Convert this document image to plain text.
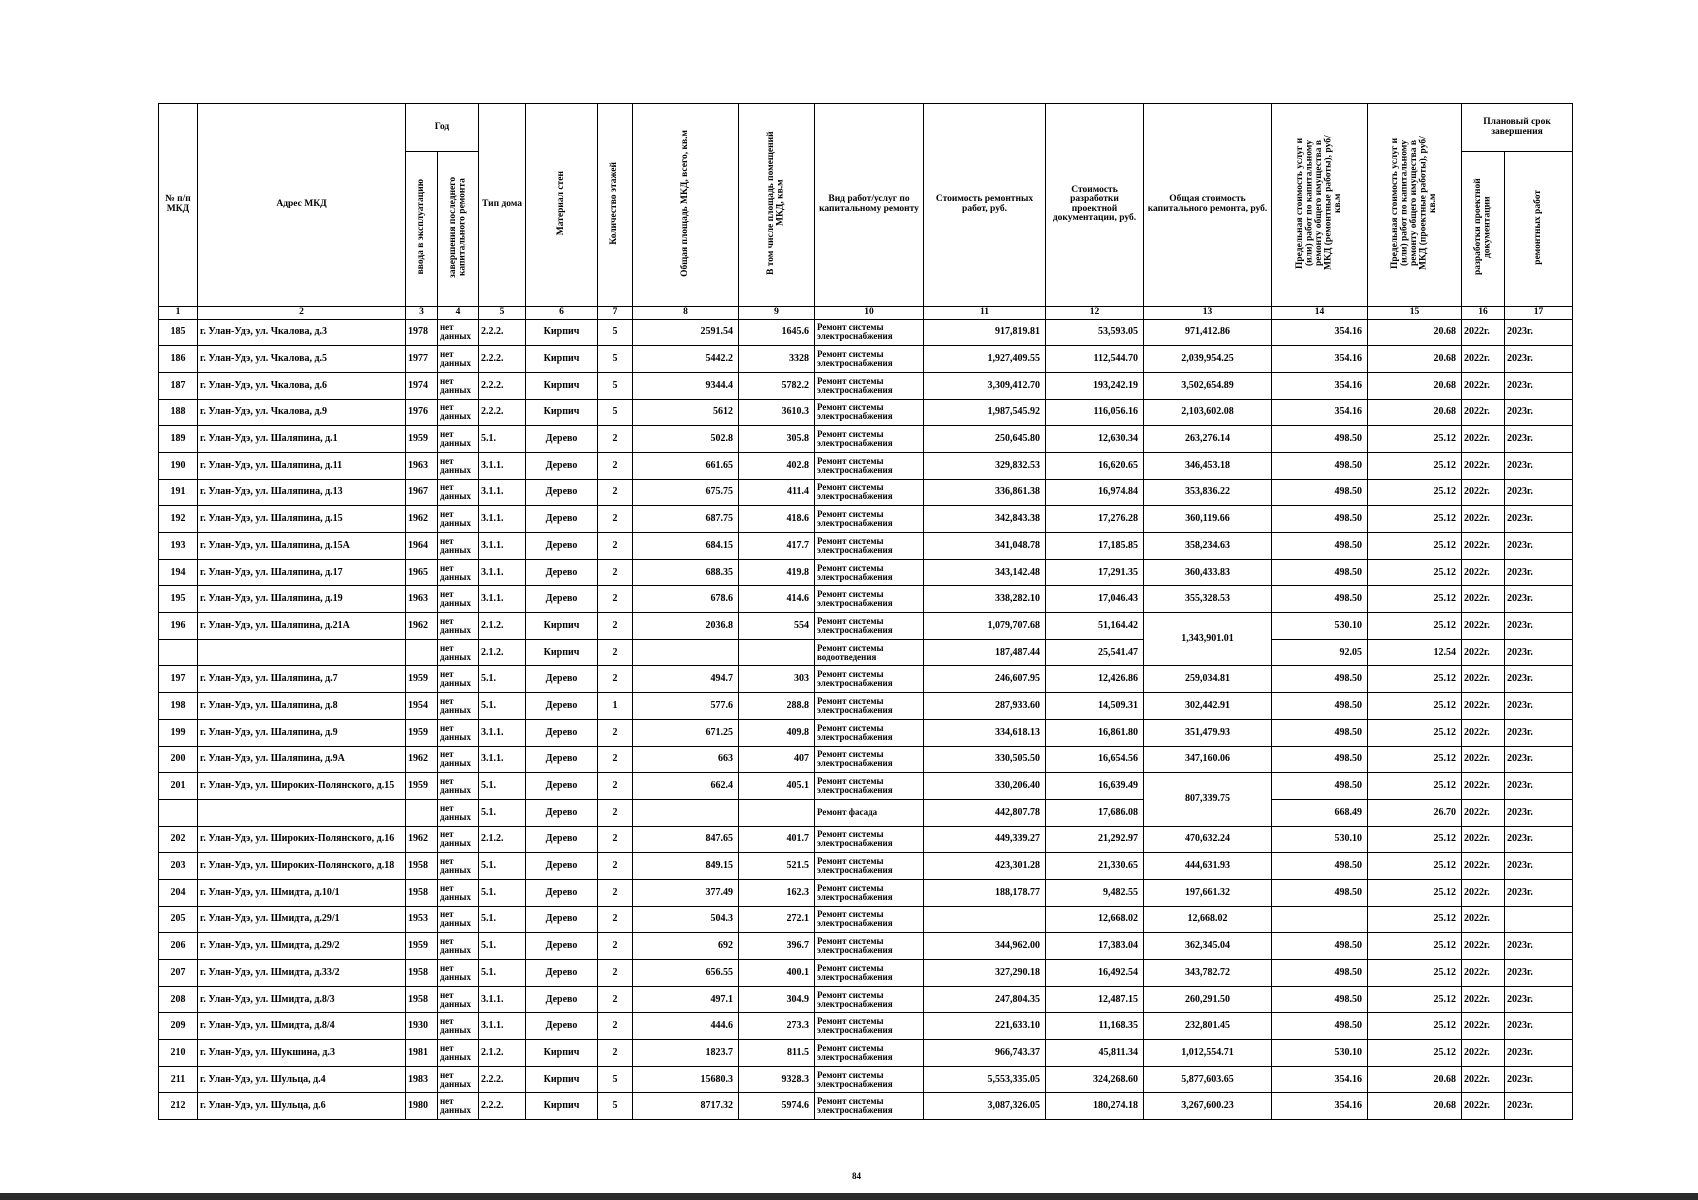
№ п/п МКД	Адрес МКД	Год		Тип дома	Материал стен	Количество этажей	Общая площадь МКД, всего, кв.м	В том числе площадь помещений МКД, кв.м	Вид работ/услуг по капитальному ремонту	Стоимость ремонтных работ, руб.	Стоимость разработки проектной документации, руб.	Общая стоимость капитального ремонта, руб.	Предельная стоимость услуг и (или) работ по капитальному ремонту общего имущества в МКД (ремонтные работы), руб/кв.м	Предельная стоимость услуг и (или) работ по капитальному ремонту общего имущества в МКД (проектные работы), руб/кв.м	Плановый срок завершения	
		ввода в эксплуатацию	завершения последнего капитального ремонта												разработки проектной документации	ремонтных работ
1	2	3	4	5	6	7	8	9	10	11	12	13	14	15	16	17
185	г. Улан-Удэ, ул. Чкалова, д.3	1978	нет данных	2.2.2.	Кирпич	5	2591.54	1645.6	Ремонт системы электроснабжения	917,819.81	53,593.05	971,412.86	354.16	20.68	2022г.	2023г.
186	г. Улан-Удэ, ул. Чкалова, д.5	1977	нет данных	2.2.2.	Кирпич	5	5442.2	3328	Ремонт системы электроснабжения	1,927,409.55	112,544.70	2,039,954.25	354.16	20.68	2022г.	2023г.
187	г. Улан-Удэ, ул. Чкалова, д.6	1974	нет данных	2.2.2.	Кирпич	5	9344.4	5782.2	Ремонт системы электроснабжения	3,309,412.70	193,242.19	3,502,654.89	354.16	20.68	2022г.	2023г.
188	г. Улан-Удэ, ул. Чкалова, д.9	1976	нет данных	2.2.2.	Кирпич	5	5612	3610.3	Ремонт системы электроснабжения	1,987,545.92	116,056.16	2,103,602.08	354.16	20.68	2022г.	2023г.
189	г. Улан-Удэ, ул. Шаляпина, д.1	1959	нет данных	5.1.	Дерево	2	502.8	305.8	Ремонт системы электроснабжения	250,645.80	12,630.34	263,276.14	498.50	25.12	2022г.	2023г.
190	г. Улан-Удэ, ул. Шаляпина, д.11	1963	нет данных	3.1.1.	Дерево	2	661.65	402.8	Ремонт системы электроснабжения	329,832.53	16,620.65	346,453.18	498.50	25.12	2022г.	2023г.
191	г. Улан-Удэ, ул. Шаляпина, д.13	1967	нет данных	3.1.1.	Дерево	2	675.75	411.4	Ремонт системы электроснабжения	336,861.38	16,974.84	353,836.22	498.50	25.12	2022г.	2023г.
192	г. Улан-Удэ, ул. Шаляпина, д.15	1962	нет данных	3.1.1.	Дерево	2	687.75	418.6	Ремонт системы электроснабжения	342,843.38	17,276.28	360,119.66	498.50	25.12	2022г.	2023г.
193	г. Улан-Удэ, ул. Шаляпина, д.15А	1964	нет данных	3.1.1.	Дерево	2	684.15	417.7	Ремонт системы электроснабжения	341,048.78	17,185.85	358,234.63	498.50	25.12	2022г.	2023г.
194	г. Улан-Удэ, ул. Шаляпина, д.17	1965	нет данных	3.1.1.	Дерево	2	688.35	419.8	Ремонт системы электроснабжения	343,142.48	17,291.35	360,433.83	498.50	25.12	2022г.	2023г.
195	г. Улан-Удэ, ул. Шаляпина, д.19	1963	нет данных	3.1.1.	Дерево	2	678.6	414.6	Ремонт системы электроснабжения	338,282.10	17,046.43	355,328.53	498.50	25.12	2022г.	2023г.
196	г. Улан-Удэ, ул. Шаляпина, д.21А	1962	нет данных	2.1.2.	Кирпич	2	2036.8	554	Ремонт системы электроснабжения	1,079,707.68	51,164.42	1,343,901.01	530.10	25.12	2022г.	2023г.
			нет данных	2.1.2.	Кирпич	2			Ремонт системы водоотведения	187,487.44	25,541.47		92.05	12.54	2022г.	2023г.
197	г. Улан-Удэ, ул. Шаляпина, д.7	1959	нет данных	5.1.	Дерево	2	494.7	303	Ремонт системы электроснабжения	246,607.95	12,426.86	259,034.81	498.50	25.12	2022г.	2023г.
198	г. Улан-Удэ, ул. Шаляпина, д.8	1954	нет данных	5.1.	Дерево	1	577.6	288.8	Ремонт системы электроснабжения	287,933.60	14,509.31	302,442.91	498.50	25.12	2022г.	2023г.
199	г. Улан-Удэ, ул. Шаляпина, д.9	1959	нет данных	3.1.1.	Дерево	2	671.25	409.8	Ремонт системы электроснабжения	334,618.13	16,861.80	351,479.93	498.50	25.12	2022г.	2023г.
200	г. Улан-Удэ, ул. Шаляпина, д.9А	1962	нет данных	3.1.1.	Дерево	2	663	407	Ремонт системы электроснабжения	330,505.50	16,654.56	347,160.06	498.50	25.12	2022г.	2023г.
201	г. Улан-Удэ, ул. Широких-Полянского, д.15	1959	нет данных	5.1.	Дерево	2	662.4	405.1	Ремонт системы электроснабжения	330,206.40	16,639.49	807,339.75	498.50	25.12	2022г.	2023г.
			нет данных	5.1.	Дерево	2			Ремонт фасада	442,807.78	17,686.08		668.49	26.70	2022г.	2023г.
202	г. Улан-Удэ, ул. Широких-Полянского, д.16	1962	нет данных	2.1.2.	Дерево	2	847.65	401.7	Ремонт системы электроснабжения	449,339.27	21,292.97	470,632.24	530.10	25.12	2022г.	2023г.
203	г. Улан-Удэ, ул. Широких-Полянского, д.18	1958	нет данных	5.1.	Дерево	2	849.15	521.5	Ремонт системы электроснабжения	423,301.28	21,330.65	444,631.93	498.50	25.12	2022г.	2023г.
204	г. Улан-Удэ, ул. Шмидта, д.10/1	1958	нет данных	5.1.	Дерево	2	377.49	162.3	Ремонт системы электроснабжения	188,178.77	9,482.55	197,661.32	498.50	25.12	2022г.	2023г.
205	г. Улан-Удэ, ул. Шмидта, д.29/1	1953	нет данных	5.1.	Дерево	2	504.3	272.1	Ремонт системы электроснабжения		12,668.02	12,668.02		25.12	2022г.	
206	г. Улан-Удэ, ул. Шмидта, д.29/2	1959	нет данных	5.1.	Дерево	2	692	396.7	Ремонт системы электроснабжения	344,962.00	17,383.04	362,345.04	498.50	25.12	2022г.	2023г.
207	г. Улан-Удэ, ул. Шмидта, д.33/2	1958	нет данных	5.1.	Дерево	2	656.55	400.1	Ремонт системы электроснабжения	327,290.18	16,492.54	343,782.72	498.50	25.12	2022г.	2023г.
208	г. Улан-Удэ, ул. Шмидта, д.8/3	1958	нет данных	3.1.1.	Дерево	2	497.1	304.9	Ремонт системы электроснабжения	247,804.35	12,487.15	260,291.50	498.50	25.12	2022г.	2023г.
209	г. Улан-Удэ, ул. Шмидта, д.8/4	1930	нет данных	3.1.1.	Дерево	2	444.6	273.3	Ремонт системы электроснабжения	221,633.10	11,168.35	232,801.45	498.50	25.12	2022г.	2023г.
210	г. Улан-Удэ, ул. Шукшина, д.3	1981	нет данных	2.1.2.	Кирпич	2	1823.7	811.5	Ремонт системы электроснабжения	966,743.37	45,811.34	1,012,554.71	530.10	25.12	2022г.	2023г.
211	г. Улан-Удэ, ул. Шульца, д.4	1983	нет данных	2.2.2.	Кирпич	5	15680.3	9328.3	Ремонт системы электроснабжения	5,553,335.05	324,268.60	5,877,603.65	354.16	20.68	2022г.	2023г.
212	г. Улан-Удэ, ул. Шульца, д.6	1980	нет данных	2.2.2.	Кирпич	5	8717.32	5974.6	Ремонт системы электроснабжения	3,087,326.05	180,274.18	3,267,600.23	354.16	20.68	2022г.	2023г.
84
